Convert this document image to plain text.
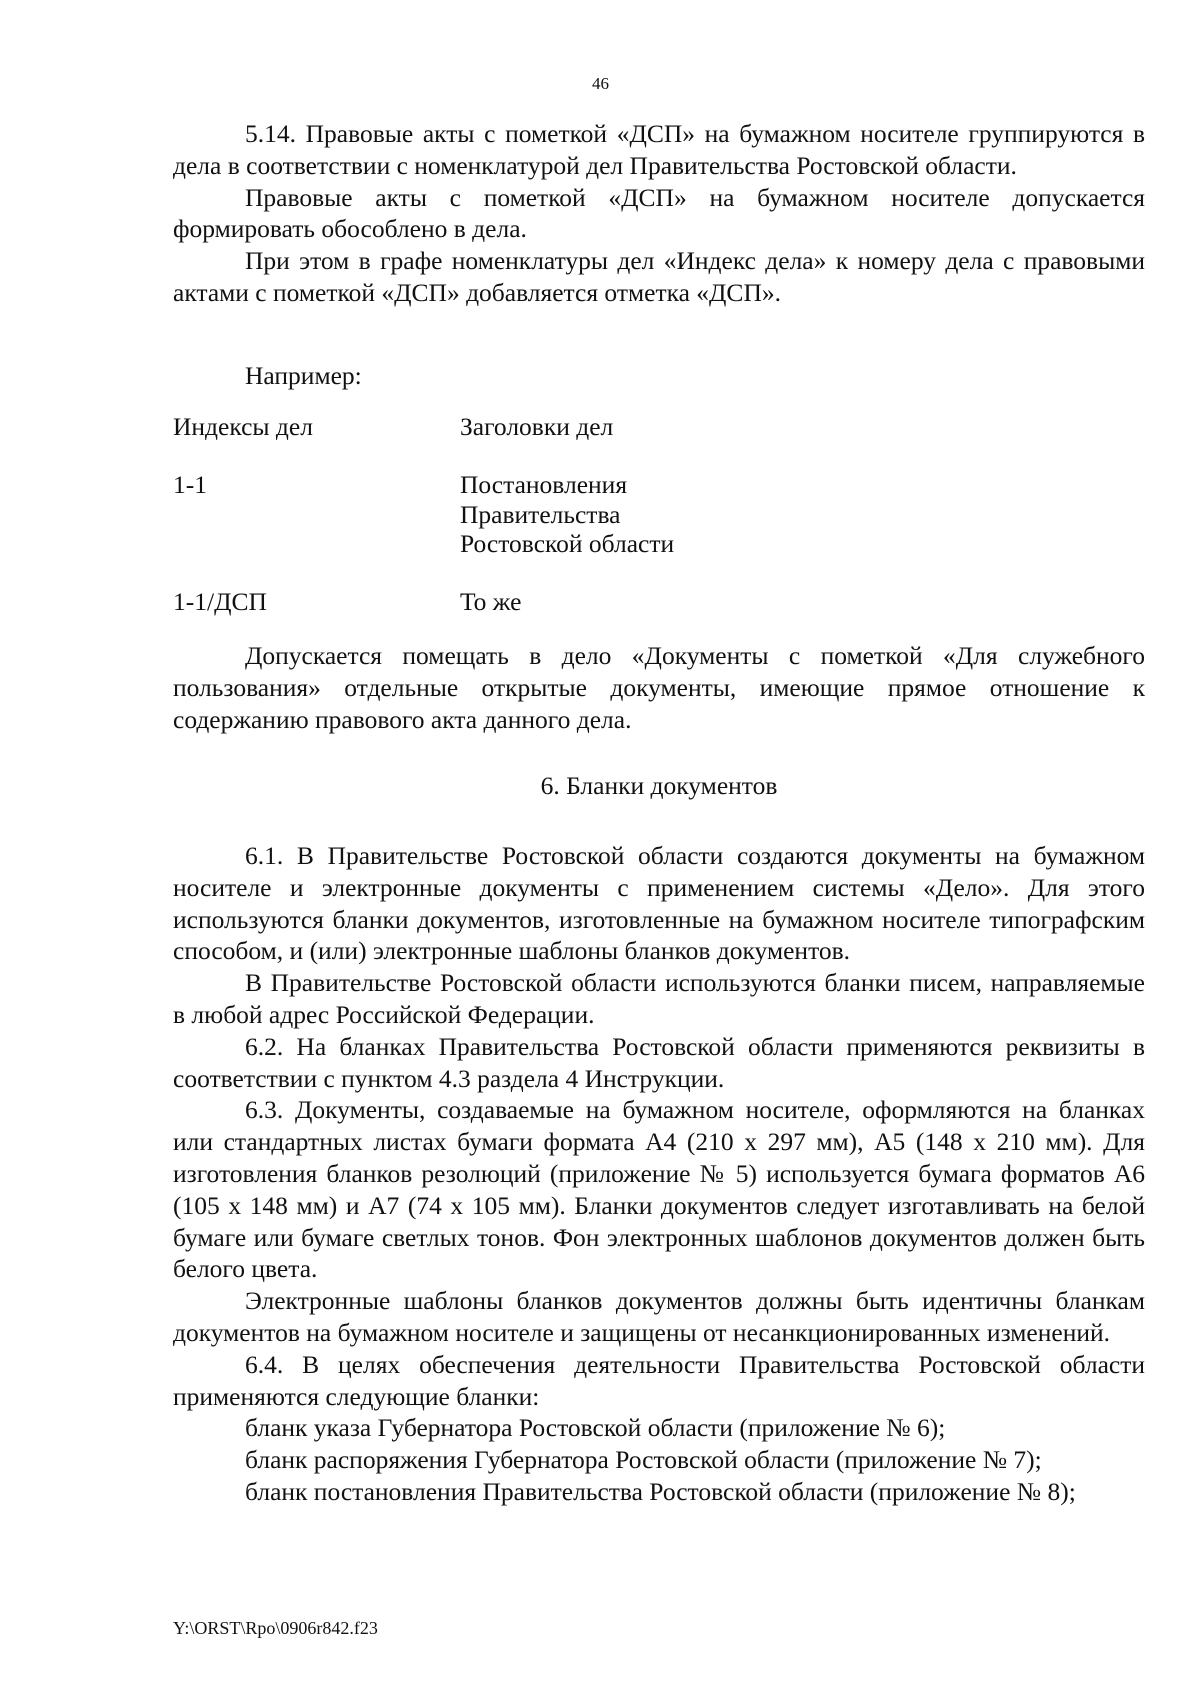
46

5.14. Правовые акты с пометкой «ДСП» на бумажном носителе группируются в дела в соответствии с номенклатурой дел Правительства Ростовской области.

Правовые акты с пометкой «ДСП» на бумажном носителе допускается формировать обособлено в дела.

При этом в графе номенклатуры дел «Индекс дела» к номеру дела с правовыми актами с пометкой «ДСП» добавляется отметка «ДСП».

Например:

Индексы дел	Заголовки дел
1-1	Постановления
Правительства
Ростовской области
1-1/ДСП	То же

Допускается помещать в дело «Документы с пометкой «Для служебного пользования» отдельные открытые документы, имеющие прямое отношение к содержанию правового акта данного дела.

6. Бланки документов

6.1. В Правительстве Ростовской области создаются документы на бумажном носителе и электронные документы с применением системы «Дело». Для этого используются бланки документов, изготовленные на бумажном носителе типографским способом, и (или) электронные шаблоны бланков документов.

В Правительстве Ростовской области используются бланки писем, направляемые в любой адрес Российской Федерации.

6.2. На бланках Правительства Ростовской области применяются реквизиты в соответствии с пунктом 4.3 раздела 4 Инструкции.

6.3. Документы, создаваемые на бумажном носителе, оформляются на бланках или стандартных листах бумаги формата А4 (210 х 297 мм), А5 (148 х 210 мм). Для изготовления бланков резолюций (приложение № 5) используется бумага форматов А6 (105 х 148 мм) и А7 (74 х 105 мм). Бланки документов следует изготавливать на белой бумаге или бумаге светлых тонов. Фон электронных шаблонов документов должен быть белого цвета.

Электронные шаблоны бланков документов должны быть идентичны бланкам документов на бумажном носителе и защищены от несанкционированных изменений.

6.4. В целях обеспечения деятельности Правительства Ростовской области применяются следующие бланки:

бланк указа Губернатора Ростовской области (приложение № 6);

бланк распоряжения Губернатора Ростовской области (приложение № 7);

бланк постановления Правительства Ростовской области (приложение № 8);

Y:\ORST\Rpo\0906r842.f23
